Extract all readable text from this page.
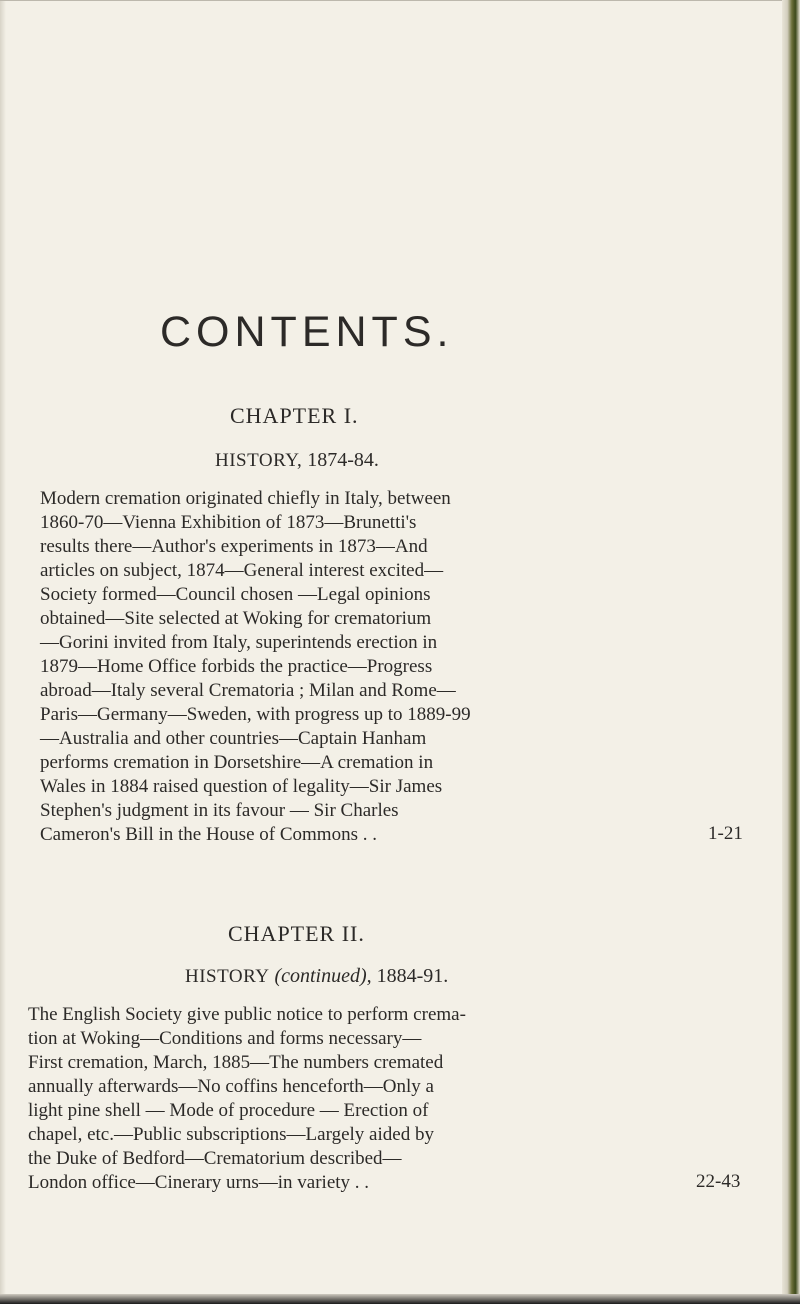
CONTENTS.
CHAPTER I.
HISTORY, 1874-84.
Modern cremation originated chiefly in Italy, between
1860-70—Vienna Exhibition of 1873—Brunetti's
results there—Author's experiments in 1873—And
articles on subject, 1874—General interest excited—
Society formed—Council chosen —Legal opinions
obtained—Site selected at Woking for crematorium
—Gorini invited from Italy, superintends erection in
1879—Home Office forbids the practice—Progress
abroad—Italy several Crematoria ; Milan and Rome—
Paris—Germany—Sweden, with progress up to 1889-99
—Australia and other countries—Captain Hanham
performs cremation in Dorsetshire—A cremation in
Wales in 1884 raised question of legality—Sir James
Stephen's judgment in its favour — Sir Charles
Cameron's Bill in the House of Commons . .	1-21
CHAPTER II.
HISTORY (continued), 1884-91.
The English Society give public notice to perform crema-
tion at Woking—Conditions and forms necessary—
First cremation, March, 1885—The numbers cremated
annually afterwards—No coffins henceforth—Only a
light pine shell — Mode of procedure — Erection of
chapel, etc.—Public subscriptions—Largely aided by
the Duke of Bedford—Crematorium described—
London office—Cinerary urns—in variety . .	22-43
